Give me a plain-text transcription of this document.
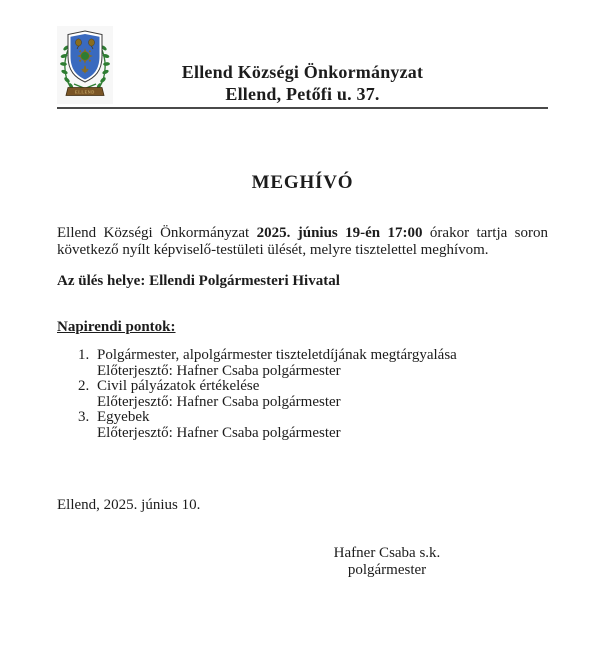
ELLEND
Ellend Községi Önkormányzat
Ellend, Petőfi u. 37.
MEGHÍVÓ

Ellend Községi Önkormányzat 2025. június 19-én 17:00 órakor tartja soron következő nyílt képviselő-testületi ülését, melyre tisztelettel meghívom.

Az ülés helye: Ellendi Polgármesteri Hivatal
Napirendi pontok:
1. Polgármester, alpolgármester tiszteletdíjának megtárgyalása
Előterjesztő: Hafner Csaba polgármester
2. Civil pályázatok értékelése
Előterjesztő: Hafner Csaba polgármester
3. Egyebek
Előterjesztő: Hafner Csaba polgármester
Ellend, 2025. június 10.
Hafner Csaba s.k.
polgármester
